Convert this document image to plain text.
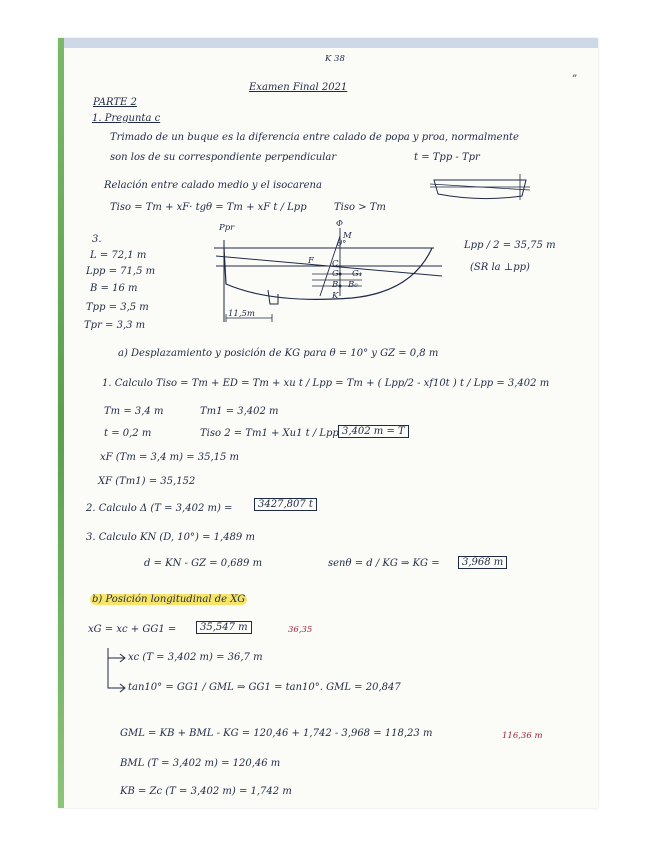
K 38
”
Examen Final 2021
PARTE 2
1. Pregunta c
Trimado de un buque es la diferencia entre calado de popa y proa, normalmente
son los de su correspondiente perpendicular	t = Tpp - Tpr
Relación entre calado medio y el isocarena
Tiso = Tm + xF· tgθ = Tm + xF t / Lpp	Tiso > Tm
3.
L = 72,1 m
Lpp = 71,5 m
B = 16 m
Tpp = 3,5 m
Tpr = 3,3 m
Lpp / 2 = 35,75 m
(SR la ⊥pp)
Ppr
11,5m
Φ
M
θ°
F C
G G₁
B B₀
K
a) Desplazamiento y posición de KG para θ = 10° y GZ = 0,8 m
1. Calculo Tiso = Tm + ED = Tm + xu t / Lpp = Tm + ( Lpp/2 - xf10t ) t / Lpp = 3,402 m
Tm = 3,4 m	Tm1 = 3,402 m
t = 0,2 m	Tiso 2 = Tm1 + Xu1 t / Lpp 3,402 m = T
xF (Tm = 3,4 m) = 35,15 m
XF (Tm1) = 35,152
2. Calculo Δ (T = 3,402 m) =	3427,807 t
3. Calculo KN (D, 10°) = 1,489 m
d = KN - GZ = 0,689 m	senθ = d / KG ⇒ KG =	3,968 m
b) Posición longitudinal de XG
xG = xc + GG1 =	35,547 m	36,35
xc (T = 3,402 m) = 36,7 m
tan10° = GG1 / GML ⇒ GG1 = tan10°. GML = 20,847
GML = KB + BML - KG = 120,46 + 1,742 - 3,968 = 118,23 m	116,36 m
BML (T = 3,402 m) = 120,46 m
KB = Zc (T = 3,402 m) = 1,742 m
